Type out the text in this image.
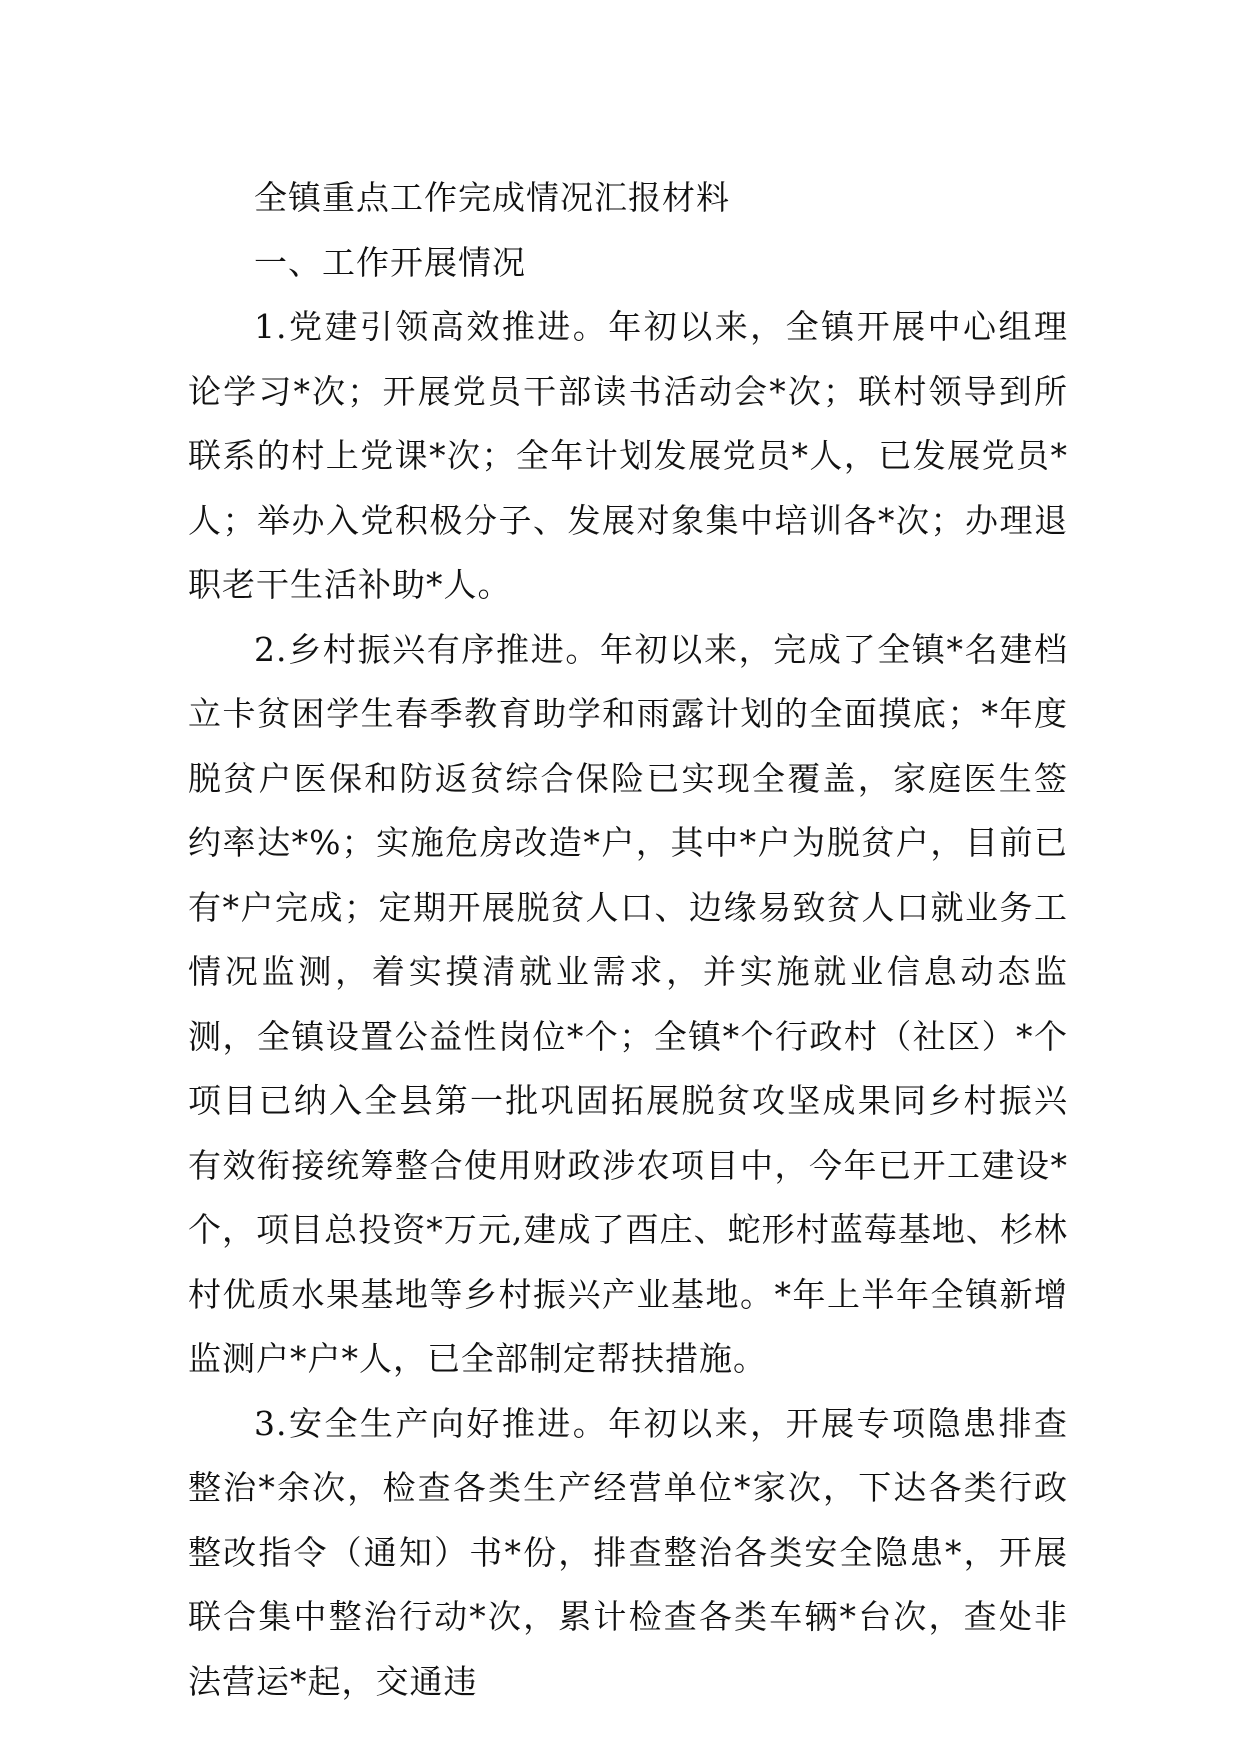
全镇重点工作完成情况汇报材料

一、工作开展情况

1.党建引领高效推进。年初以来，全镇开展中心组理论学习*次；开展党员干部读书活动会*次；联村领导到所联系的村上党课*次；全年计划发展党员*人，已发展党员*人；举办入党积极分子、发展对象集中培训各*次；办理退职老干生活补助*人。

2.乡村振兴有序推进。年初以来，完成了全镇*名建档立卡贫困学生春季教育助学和雨露计划的全面摸底；*年度脱贫户医保和防返贫综合保险已实现全覆盖，家庭医生签约率达*%；实施危房改造*户，其中*户为脱贫户，目前已有*户完成；定期开展脱贫人口、边缘易致贫人口就业务工情况监测，着实摸清就业需求，并实施就业信息动态监测，全镇设置公益性岗位*个；全镇*个行政村（社区）*个项目已纳入全县第一批巩固拓展脱贫攻坚成果同乡村振兴有效衔接统筹整合使用财政涉农项目中，今年已开工建设*个，项目总投资*万元,建成了酉庄、蛇形村蓝莓基地、杉林村优质水果基地等乡村振兴产业基地。*年上半年全镇新增监测户*户*人，已全部制定帮扶措施。

3.安全生产向好推进。年初以来，开展专项隐患排查整治*余次，检查各类生产经营单位*家次，下达各类行政整改指令（通知）书*份，排查整治各类安全隐患*，开展联合集中整治行动*次，累计检查各类车辆*台次，查处非法营运*起，交通违
